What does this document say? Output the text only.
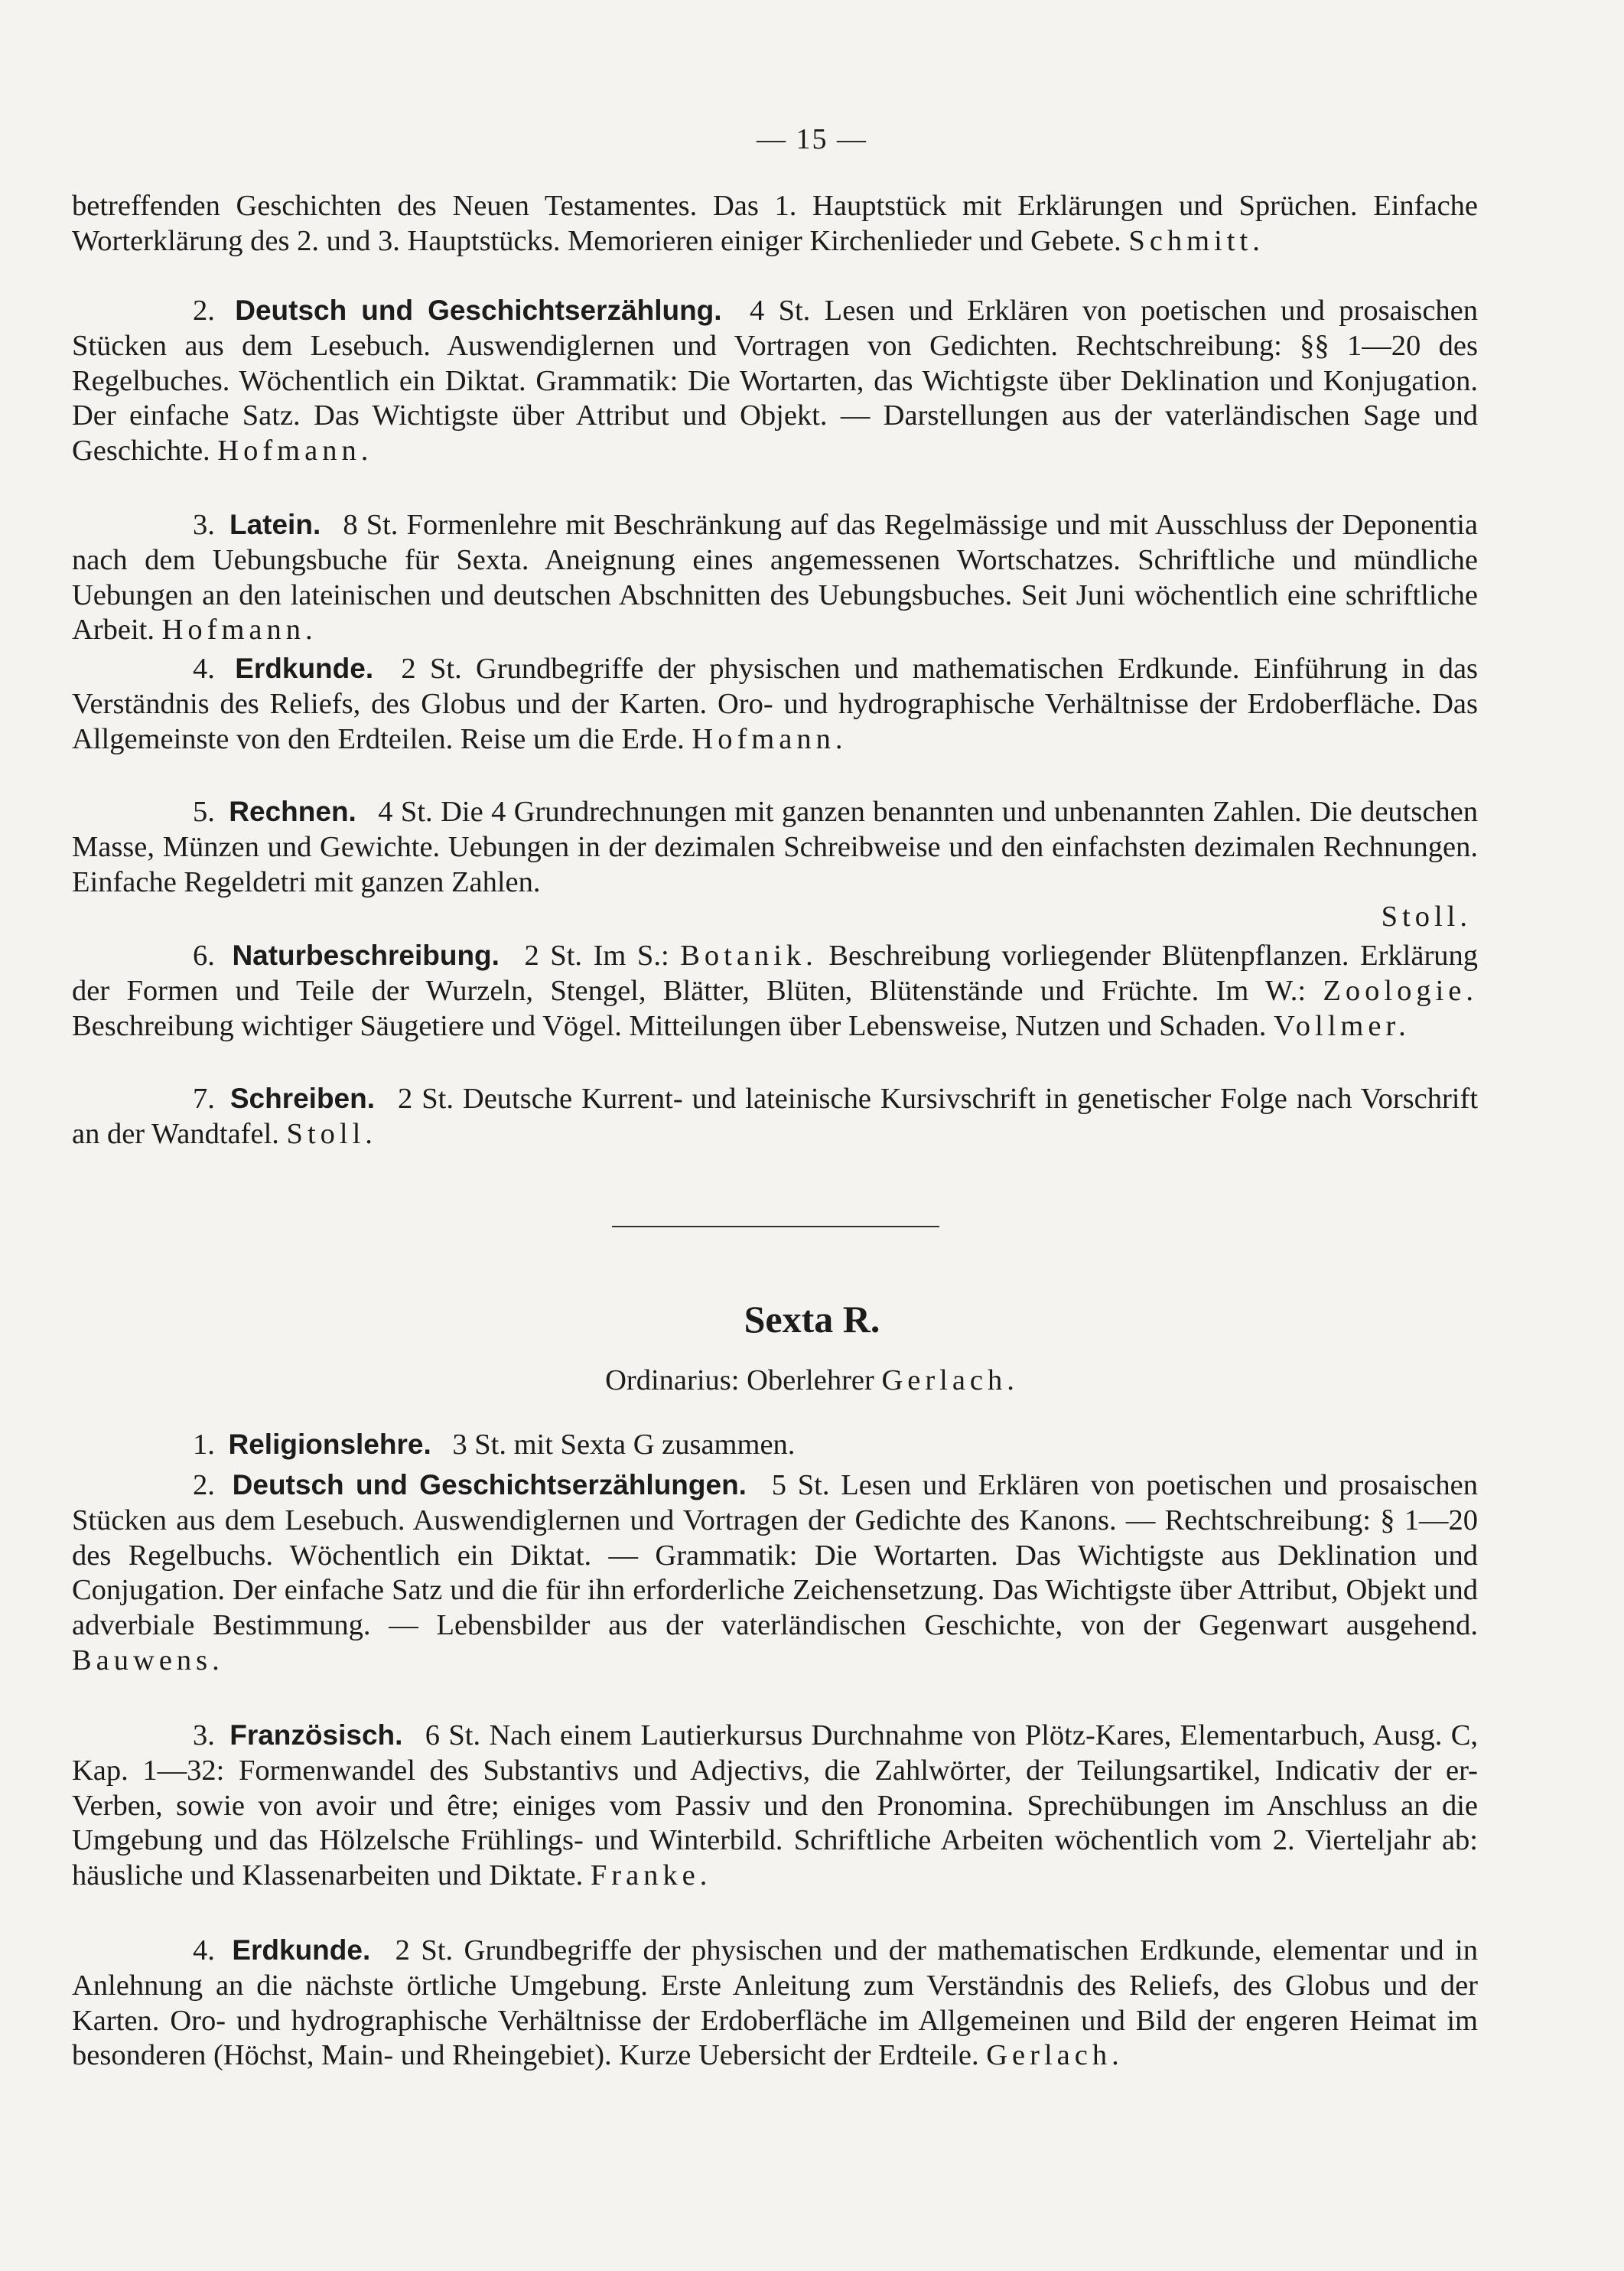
— 15 —

betreffenden Geschichten des Neuen Testamentes. Das 1. Hauptstück mit Erklärungen und Sprüchen. Einfache Worterklärung des 2. und 3. Hauptstücks. Memorieren einiger Kirchenlieder und Gebete. Schmitt.

2. Deutsch und Geschichtserzählung. 4 St. Lesen und Erklären von poetischen und prosaischen Stücken aus dem Lesebuch. Auswendiglernen und Vortragen von Gedichten. Rechtschreibung: §§ 1—20 des Regelbuches. Wöchentlich ein Diktat. Grammatik: Die Wortarten, das Wichtigste über Deklination und Konjugation. Der einfache Satz. Das Wichtigste über Attribut und Objekt. — Darstellungen aus der vaterländischen Sage und Geschichte. Hofmann.

3. Latein. 8 St. Formenlehre mit Beschränkung auf das Regelmässige und mit Ausschluss der Deponentia nach dem Uebungsbuche für Sexta. Aneignung eines angemessenen Wortschatzes. Schriftliche und mündliche Uebungen an den lateinischen und deutschen Abschnitten des Uebungsbuches. Seit Juni wöchentlich eine schriftliche Arbeit. Hofmann.

4. Erdkunde. 2 St. Grundbegriffe der physischen und mathematischen Erdkunde. Einführung in das Verständnis des Reliefs, des Globus und der Karten. Oro- und hydrographische Verhältnisse der Erdoberfläche. Das Allgemeinste von den Erdteilen. Reise um die Erde. Hofmann.

5. Rechnen. 4 St. Die 4 Grundrechnungen mit ganzen benannten und unbenannten Zahlen. Die deutschen Masse, Münzen und Gewichte. Uebungen in der dezimalen Schreibweise und den einfachsten dezimalen Rechnungen. Einfache Regeldetri mit ganzen Zahlen.
Stoll.

6. Naturbeschreibung. 2 St. Im S.: Botanik. Beschreibung vorliegender Blütenpflanzen. Erklärung der Formen und Teile der Wurzeln, Stengel, Blätter, Blüten, Blütenstände und Früchte. Im W.: Zoologie. Beschreibung wichtiger Säugetiere und Vögel. Mitteilungen über Lebensweise, Nutzen und Schaden. Vollmer.

7. Schreiben. 2 St. Deutsche Kurrent- und lateinische Kursivschrift in genetischer Folge nach Vorschrift an der Wandtafel. Stoll.

Sexta R.
Ordinarius: Oberlehrer Gerlach.

1. Religionslehre. 3 St. mit Sexta G zusammen.

2. Deutsch und Geschichtserzählungen. 5 St. Lesen und Erklären von poetischen und prosaischen Stücken aus dem Lesebuch. Auswendiglernen und Vortragen der Gedichte des Kanons. — Rechtschreibung: § 1—20 des Regelbuchs. Wöchentlich ein Diktat. — Grammatik: Die Wortarten. Das Wichtigste aus Deklination und Conjugation. Der einfache Satz und die für ihn erforderliche Zeichensetzung. Das Wichtigste über Attribut, Objekt und adverbiale Bestimmung. — Lebensbilder aus der vaterländischen Geschichte, von der Gegenwart ausgehend. Bauwens.

3. Französisch. 6 St. Nach einem Lautierkursus Durchnahme von Plötz-Kares, Elementarbuch, Ausg. C, Kap. 1—32: Formenwandel des Substantivs und Adjectivs, die Zahlwörter, der Teilungsartikel, Indicativ der er-Verben, sowie von avoir und être; einiges vom Passiv und den Pronomina. Sprechübungen im Anschluss an die Umgebung und das Hölzelsche Frühlings- und Winterbild. Schriftliche Arbeiten wöchentlich vom 2. Vierteljahr ab: häusliche und Klassenarbeiten und Diktate. Franke.

4. Erdkunde. 2 St. Grundbegriffe der physischen und der mathematischen Erdkunde, elementar und in Anlehnung an die nächste örtliche Umgebung. Erste Anleitung zum Verständnis des Reliefs, des Globus und der Karten. Oro- und hydrographische Verhältnisse der Erdoberfläche im Allgemeinen und Bild der engeren Heimat im besonderen (Höchst, Main- und Rheingebiet). Kurze Uebersicht der Erdteile. Gerlach.
